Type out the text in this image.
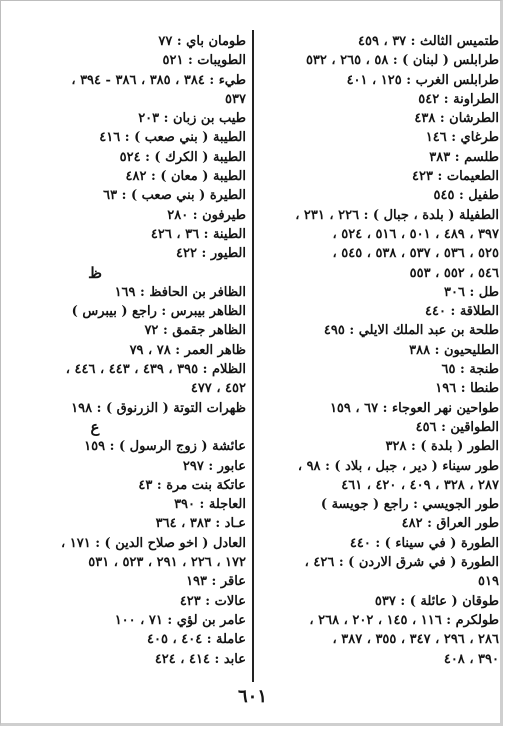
طتميس الثالث : ٣٧ ، ٤٥٩
طرابلس ( لبنان ) : ٥٨ ، ٢٦٥ ، ٥٣٢
طرابلس الغرب : ١٢٥ ، ٤٠١
الطراونة : ٥٤٢
الطرشان : ٤٣٨
طرغاي : ١٤٦
طلسم : ٣٨٣
الطعيمات : ٤٢٣
طفيل : ٥٤٥
الطفيلة ( بلدة ، جبال ) : ٢٢٦ ، ٢٣١ ،
٣٩٧ ، ٤٨٩ ، ٥٠١ ، ٥١٦ ، ٥٢٤ ،
٥٢٥ ، ٥٣٦ ، ٥٣٧ ، ٥٣٨ ، ٥٤٥ ،
٥٤٦ ، ٥٥٢ ، ٥٥٣
طل : ٣٠٦
الطلاقة : ٤٤٠
طلحة بن عبد الملك الايلي : ٤٩٥
الطليحيون : ٣٨٨
طنجة : ٦٥
طنطا : ١٩٦
طواحين نهر العوجاء : ٦٧ ، ١٥٩
الطواقين : ٤٥٦
الطور ( بلدة ) : ٣٢٨
طور سيناء ( دير ، جبل ، بلاد ) : ٩٨ ،
٢٨٧ ، ٣٢٨ ، ٤٠٩ ، ٤٢٠ ، ٤٦١
طور الجويسي : راجع ( جويسة )
طور العراق : ٤٨٢
الطورة ( في سيناء ) : ٤٤٠
الطورة ( في شرق الاردن ) : ٤٢٦ ،
٥١٩
طوقان ( عائلة ) : ٥٣٧
طولكرم : ١١٦ ، ١٤٥ ، ٢٠٢ ، ٢٦٨ ،
٢٨٦ ، ٢٩٦ ، ٣٤٧ ، ٣٥٥ ، ٣٨٧ ،
٣٩٠ ، ٤٠٨
طومان باي : ٧٧
الطويبات : ٥٢١
طيء : ٣٨٤ ، ٣٨٥ ، ٣٨٦ - ٣٩٤ ،
٥٣٧
طيب بن زبان : ٢٠٣
الطيبة ( بني صعب ) : ٤١٦
الطيبة ( الكرك ) : ٥٢٤
الطيبة ( معان ) : ٤٨٢
الطيرة ( بني صعب ) : ٦٣
طيرفون : ٢٨٠
الطينة : ٣٦ ، ٤٢٦
الطيور : ٤٢٢
ظ
الظافر بن الحافظ : ١٦٩
الظاهر بيبرس : راجع ( بيبرس )
الظاهر جقمق : ٧٢
ظاهر العمر : ٧٨ ، ٧٩
الظلام : ٣٩٥ ، ٤٣٩ ، ٤٤٣ ، ٤٤٦ ،
٤٥٢ ، ٤٧٧
ظهرات التوتة ( الزرنوق ) : ١٩٨
ع
عائشة ( زوج الرسول ) : ١٥٩
عابور : ٢٩٧
عاتكة بنت مرة : ٤٣
العاجلة : ٣٩٠
عـاد : ٣٨٣ ، ٣٦٤
العادل ( اخو صلاح الدين ) : ١٧١ ،
١٧٢ ، ٢٢٦ ، ٢٩١ ، ٥٢٣ ، ٥٣١
عاقر : ١٩٣
عالات : ٤٢٣
عامر بن لؤي : ٧١ ، ١٠٠
عاملة : ٤٠٤ ، ٤٠٥
عابد : ٤١٤ ، ٤٢٤
٦٠١
